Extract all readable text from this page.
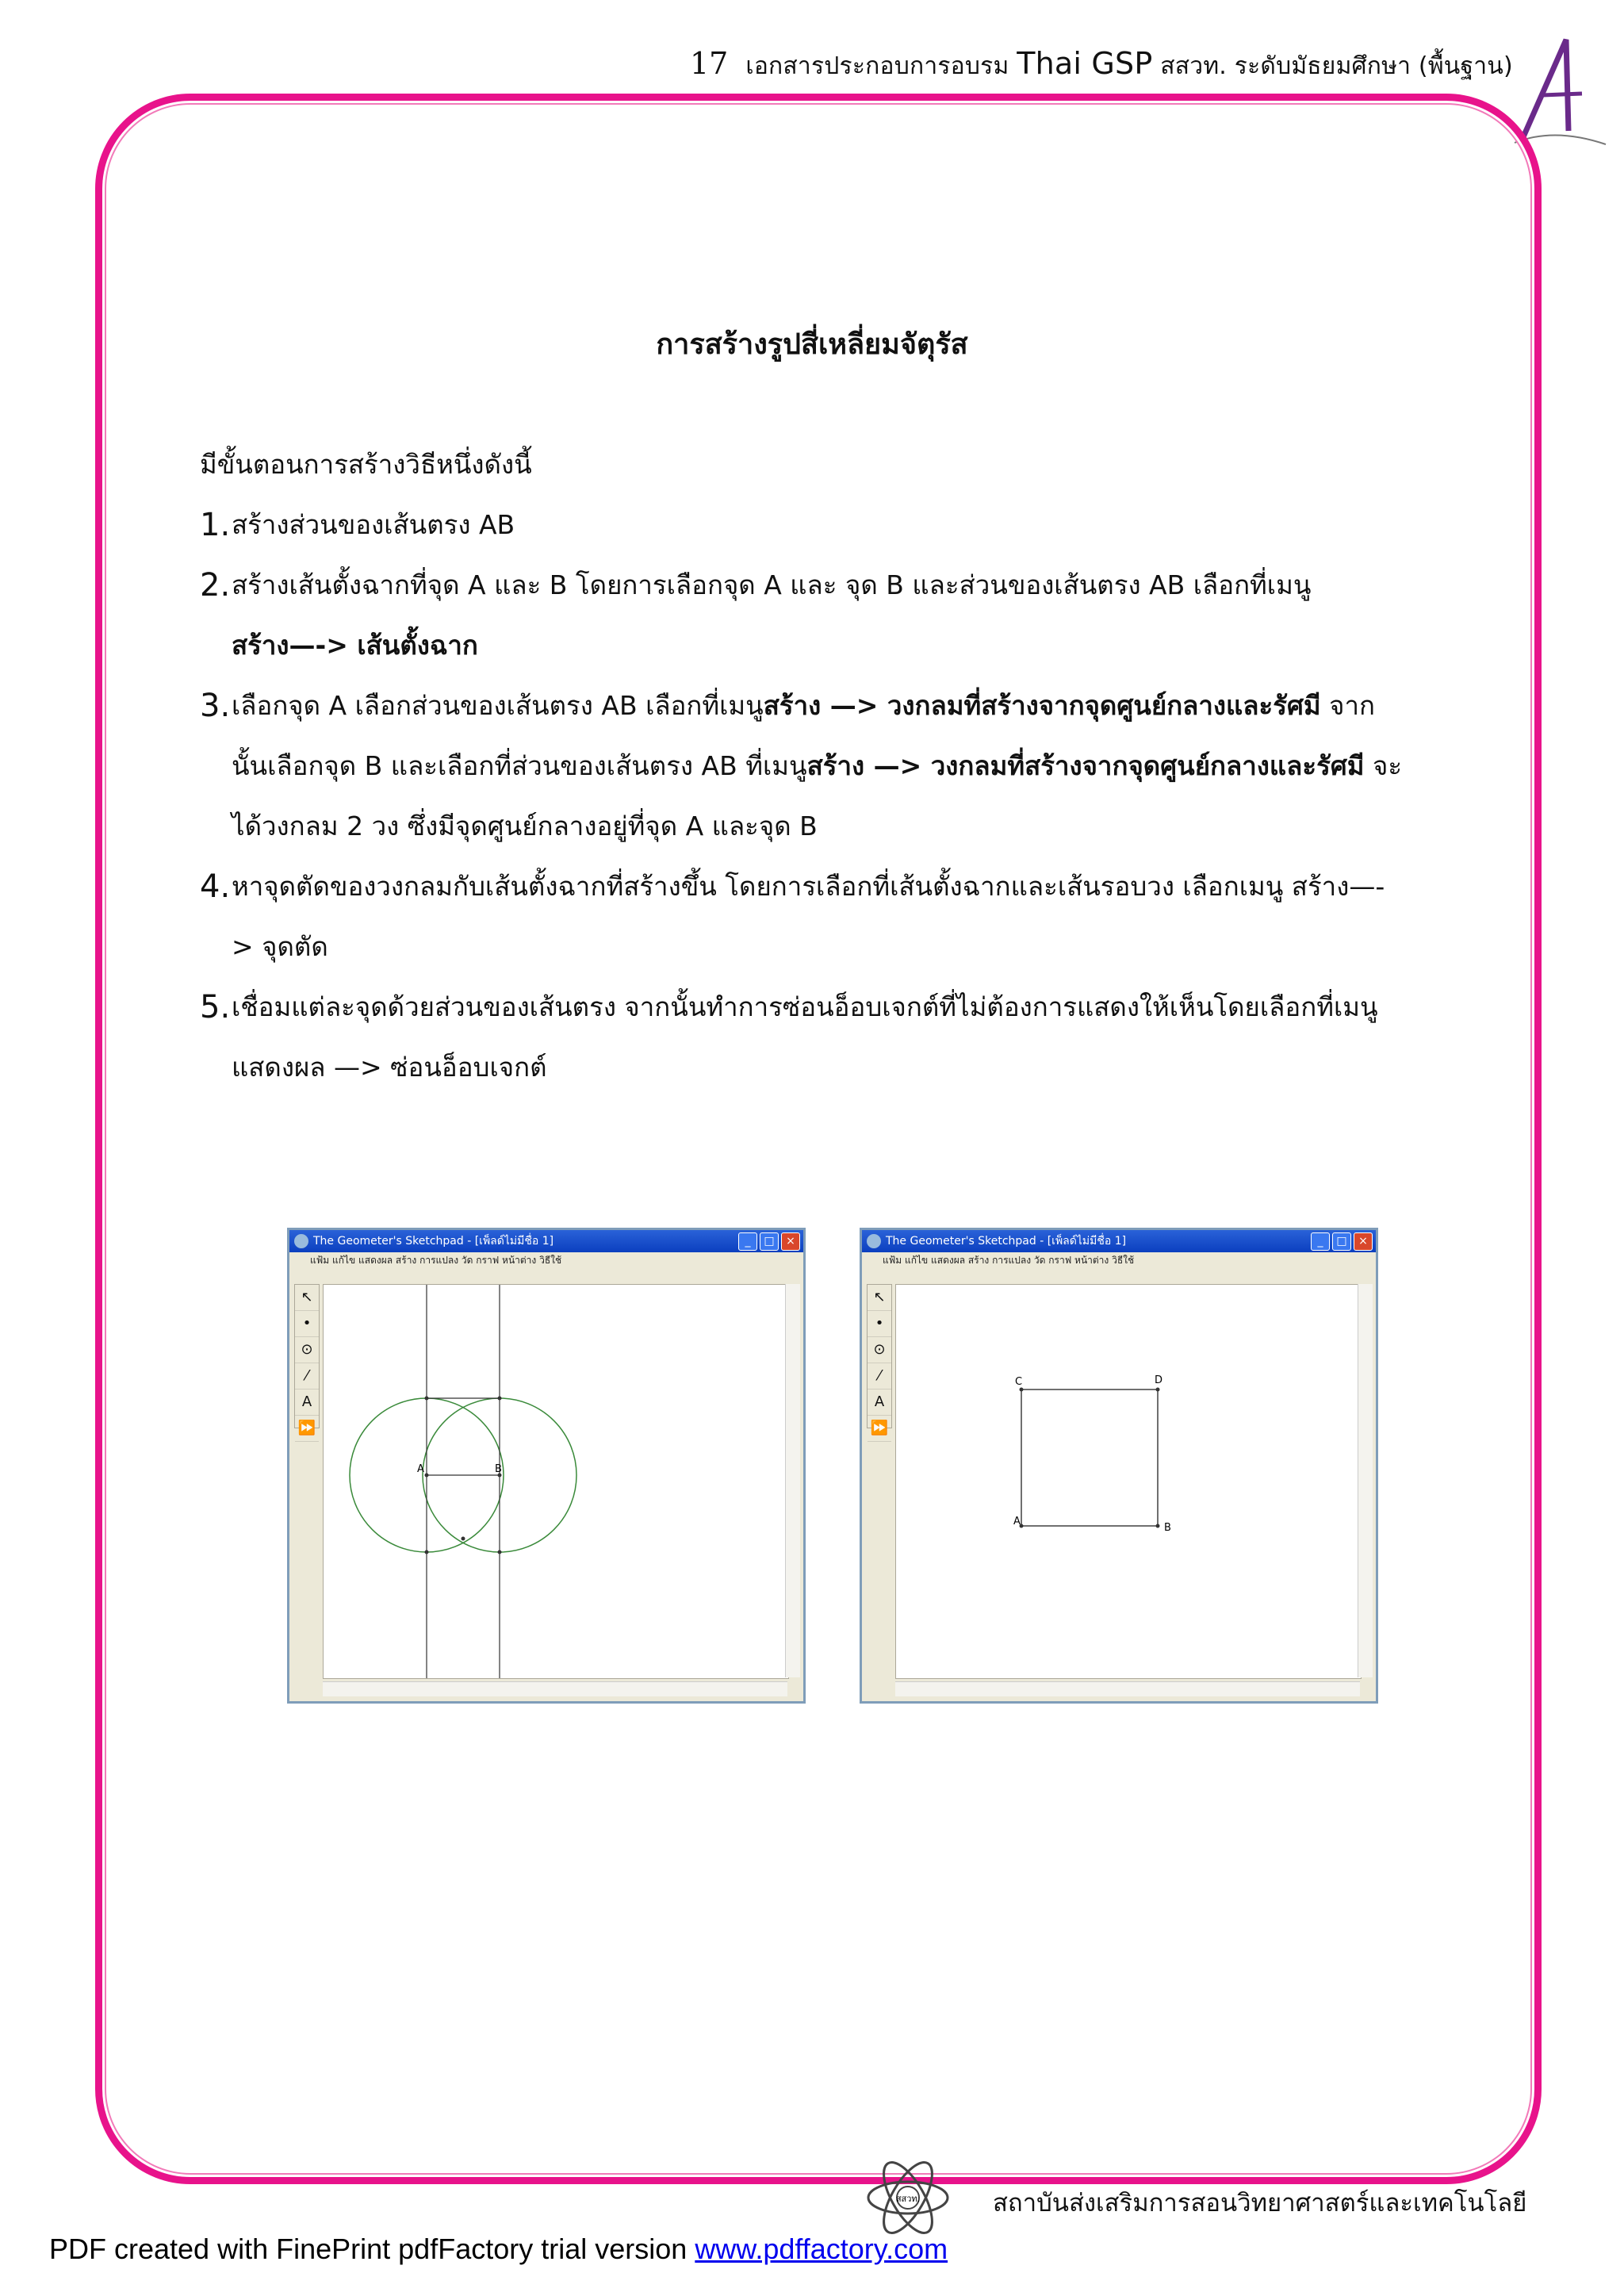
17 เอกสารประกอบการอบรม Thai GSP สสวท. ระดับมัธยมศึกษา (พื้นฐาน)
การสร้างรูปสี่เหลี่ยมจัตุรัส

มีขั้นตอนการสร้างวิธีหนึ่งดังนี้

1. สร้างส่วนของเส้นตรง AB
2. สร้างเส้นตั้งฉากที่จุด A และ B โดยการเลือกจุด A และ จุด B และส่วนของเส้นตรง AB เลือกที่เมนู
สร้าง—-> เส้นตั้งฉาก
3. เลือกจุด A เลือกส่วนของเส้นตรง AB เลือกที่เมนูสร้าง —> วงกลมที่สร้างจากจุดศูนย์กลางและรัศมี จากนั้นเลือกจุด B และเลือกที่ส่วนของเส้นตรง AB ที่เมนูสร้าง —> วงกลมที่สร้างจากจุดศูนย์กลางและรัศมี จะได้วงกลม 2 วง ซึ่งมีจุดศูนย์กลางอยู่ที่จุด A และจุด B
4. หาจุดตัดของวงกลมกับเส้นตั้งฉากที่สร้างขึ้น โดยการเลือกที่เส้นตั้งฉากและเส้นรอบวง เลือกเมนู สร้าง—-> จุดตัด
5. เชื่อมแต่ละจุดด้วยส่วนของเส้นตรง จากนั้นทำการซ่อนอ็อบเจกต์ที่ไม่ต้องการแสดงให้เห็นโดยเลือกที่เมนูแสดงผล —> ซ่อนอ็อบเจกต์
The Geometer's Sketchpad - [เพ็ลด์ไม่มีชื่อ 1]	_	□	×
แฟ้ม แก้ไข แสดงผล สร้าง การแปลง วัด กราฟ หน้าต่าง วิธีใช้
↖
•
⊙
⁄
A
⏩
A	B
The Geometer's Sketchpad - [เพ็ลด์ไม่มีชื่อ 1]	_	□	×
แฟ้ม แก้ไข แสดงผล สร้าง การแปลง วัด กราฟ หน้าต่าง วิธีใช้
↖
•
⊙
⁄
A
⏩
A
B
C	D
สสวท.	สถาบันส่งเสริมการสอนวิทยาศาสตร์และเทคโนโลยี
PDF created with FinePrint pdfFactory trial version www.pdffactory.com
